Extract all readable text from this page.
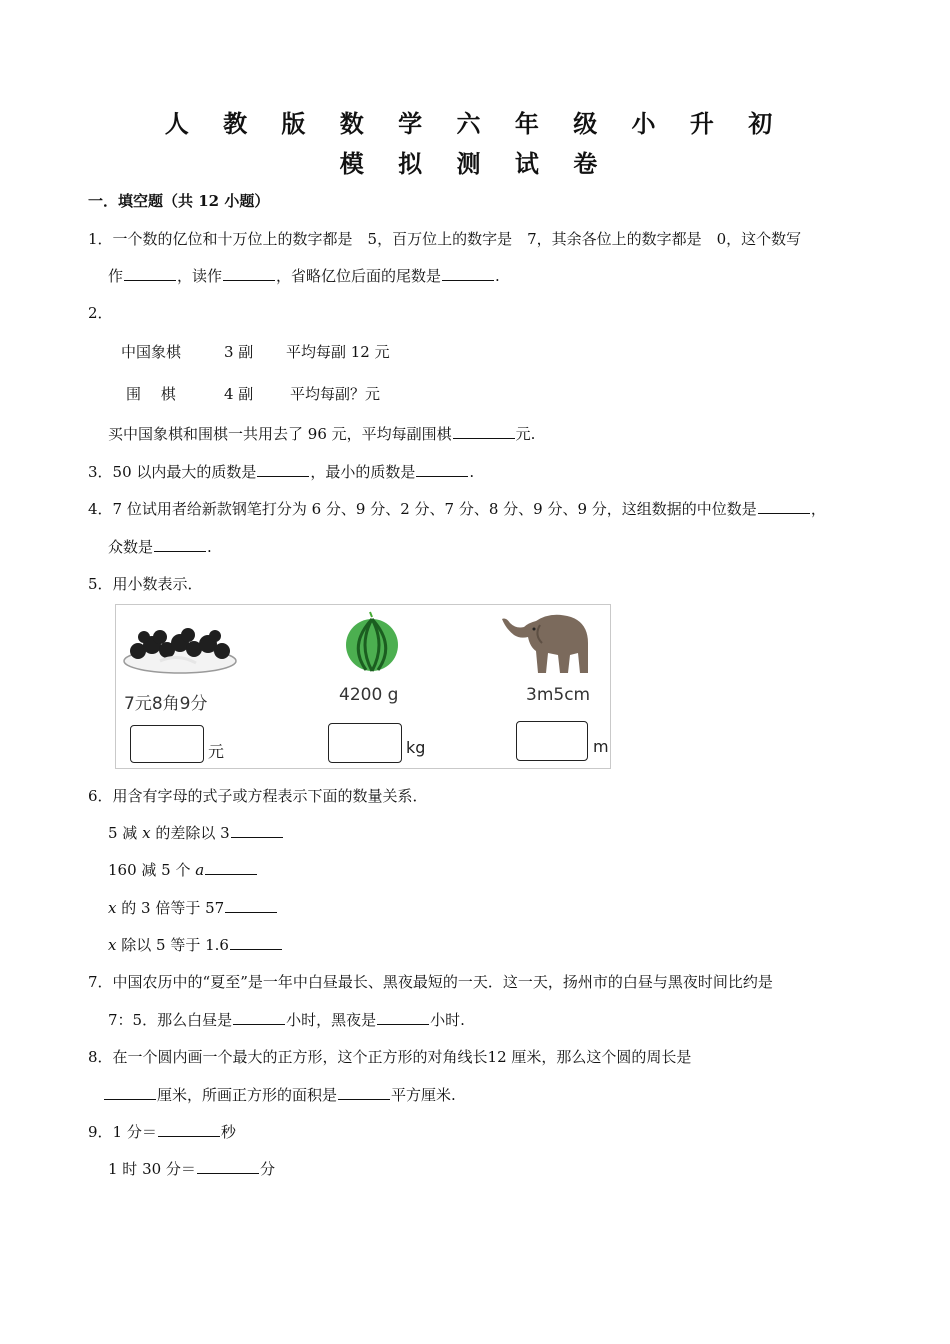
人 教 版 数 学 六 年 级 小 升 初
模 拟 测 试 卷
一．填空题（共 12 小题）
1．一个数的亿位和十万位上的数字都是　5，百万位上的数字是　7，其余各位上的数字都是　0，这个数写
作	，读作	，省略亿位后面的尾数是	.
2．
中国象棋	3 副 平均每副 12 元
围　 棋	4 副 平均每副？元
买中国象棋和围棋一共用去了 96 元，平均每副围棋	元.
3．50 以内最大的质数是	，最小的质数是	.
4．7 位试用者给新款钢笔打分为 6 分、9 分、2 分、7 分、8 分、9 分、9 分，这组数据的中位数是	，
众数是	.
5．用小数表示．
7元8角9分	4200 g	3m5cm
元	kg	m
6．用含有字母的式子或方程表示下面的数量关系．
5 减 x 的差除以 3
160 减 5 个 a
x 的 3 倍等于 57
x 除以 5 等于 1.6
7．中国农历中的“夏至”是一年中白昼最长、黑夜最短的一天．这一天，扬州市的白昼与黑夜时间比约是
7：5．那么白昼是	小时，黑夜是	小时.
8．在一个圆内画一个最大的正方形，这个正方形的对角线长12 厘米，那么这个圆的周长是
厘米，所画正方形的面积是	平方厘米.
9．1 分＝	秒
1 时 30 分＝	分
